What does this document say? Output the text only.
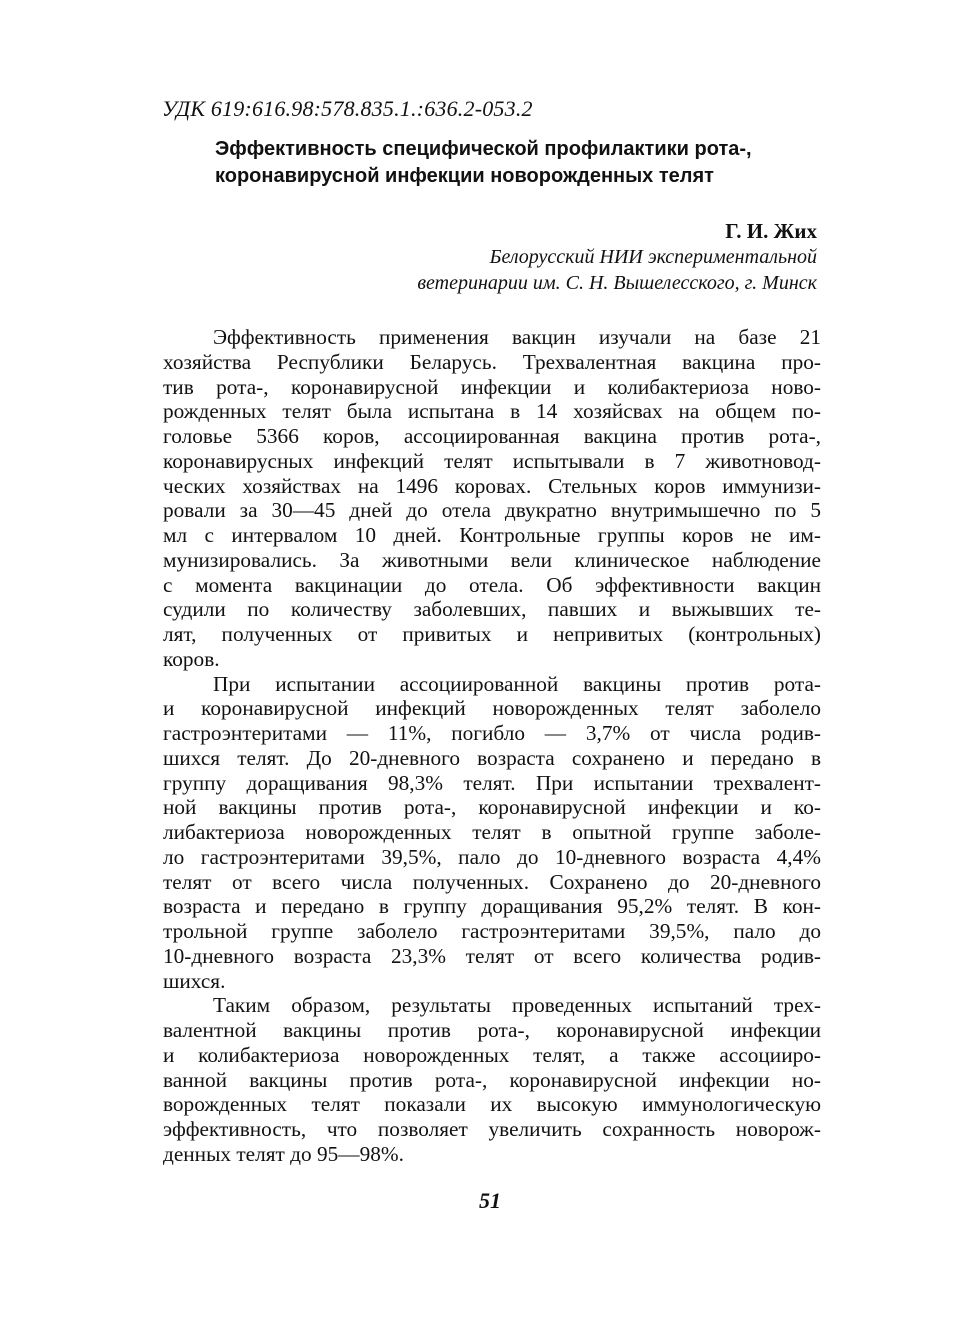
УДК 619:616.98:578.835.1.:636.2-053.2
Эффективность специфической профилактики рота-,
коронавирусной инфекции новорожденных телят
Г. И. Жих
Белорусский НИИ экспериментальной
ветеринарии им. С. Н. Вышелесского, г. Минск

Эффективность применения вакцин изучали на базе 21
хозяйства Республики Беларусь. Трехвалентная вакцина про-
тив рота-, коронавирусной инфекции и колибактериоза ново-
рожденных телят была испытана в 14 хозяйсвах на общем по-
головье 5366 коров, ассоциированная вакцина против рота-,
коронавирусных инфекций телят испытывали в 7 животновод-
ческих хозяйствах на 1496 коровах. Стельных коров иммунизи-
ровали за 30—45 дней до отела двукратно внутримышечно по 5
мл с интервалом 10 дней. Контрольные группы коров не им-
мунизировались. За животными вели клиническое наблюдение
с момента вакцинации до отела. Об эффективности вакцин
судили по количеству заболевших, павших и выжывших те-
лят, полученных от привитых и непривитых (контрольных)
коров.

При испытании ассоциированной вакцины против рота-
и коронавирусной инфекций новорожденных телят заболело
гастроэнтеритами — 11%, погибло — 3,7% от числа родив-
шихся телят. До 20-дневного возраста сохранено и передано в
группу доращивания 98,3% телят. При испытании трехвалент-
ной вакцины против рота-, коронавирусной инфекции и ко-
либактериоза новорожденных телят в опытной группе заболе-
ло гастроэнтеритами 39,5%, пало до 10-дневного возраста 4,4%
телят от всего числа полученных. Сохранено до 20-дневного
возраста и передано в группу доращивания 95,2% телят. В кон-
трольной группе заболело гастроэнтеритами 39,5%, пало до
10-дневного возраста 23,3% телят от всего количества родив-
шихся.

Таким образом, результаты проведенных испытаний трех-
валентной вакцины против рота-, коронавирусной инфекции
и колибактериоза новорожденных телят, а также ассоцииро-
ванной вакцины против рота-, коронавирусной инфекции но-
ворожденных телят показали их высокую иммунологическую
эффективность, что позволяет увеличить сохранность новорож-
денных телят до 95—98%.

51
